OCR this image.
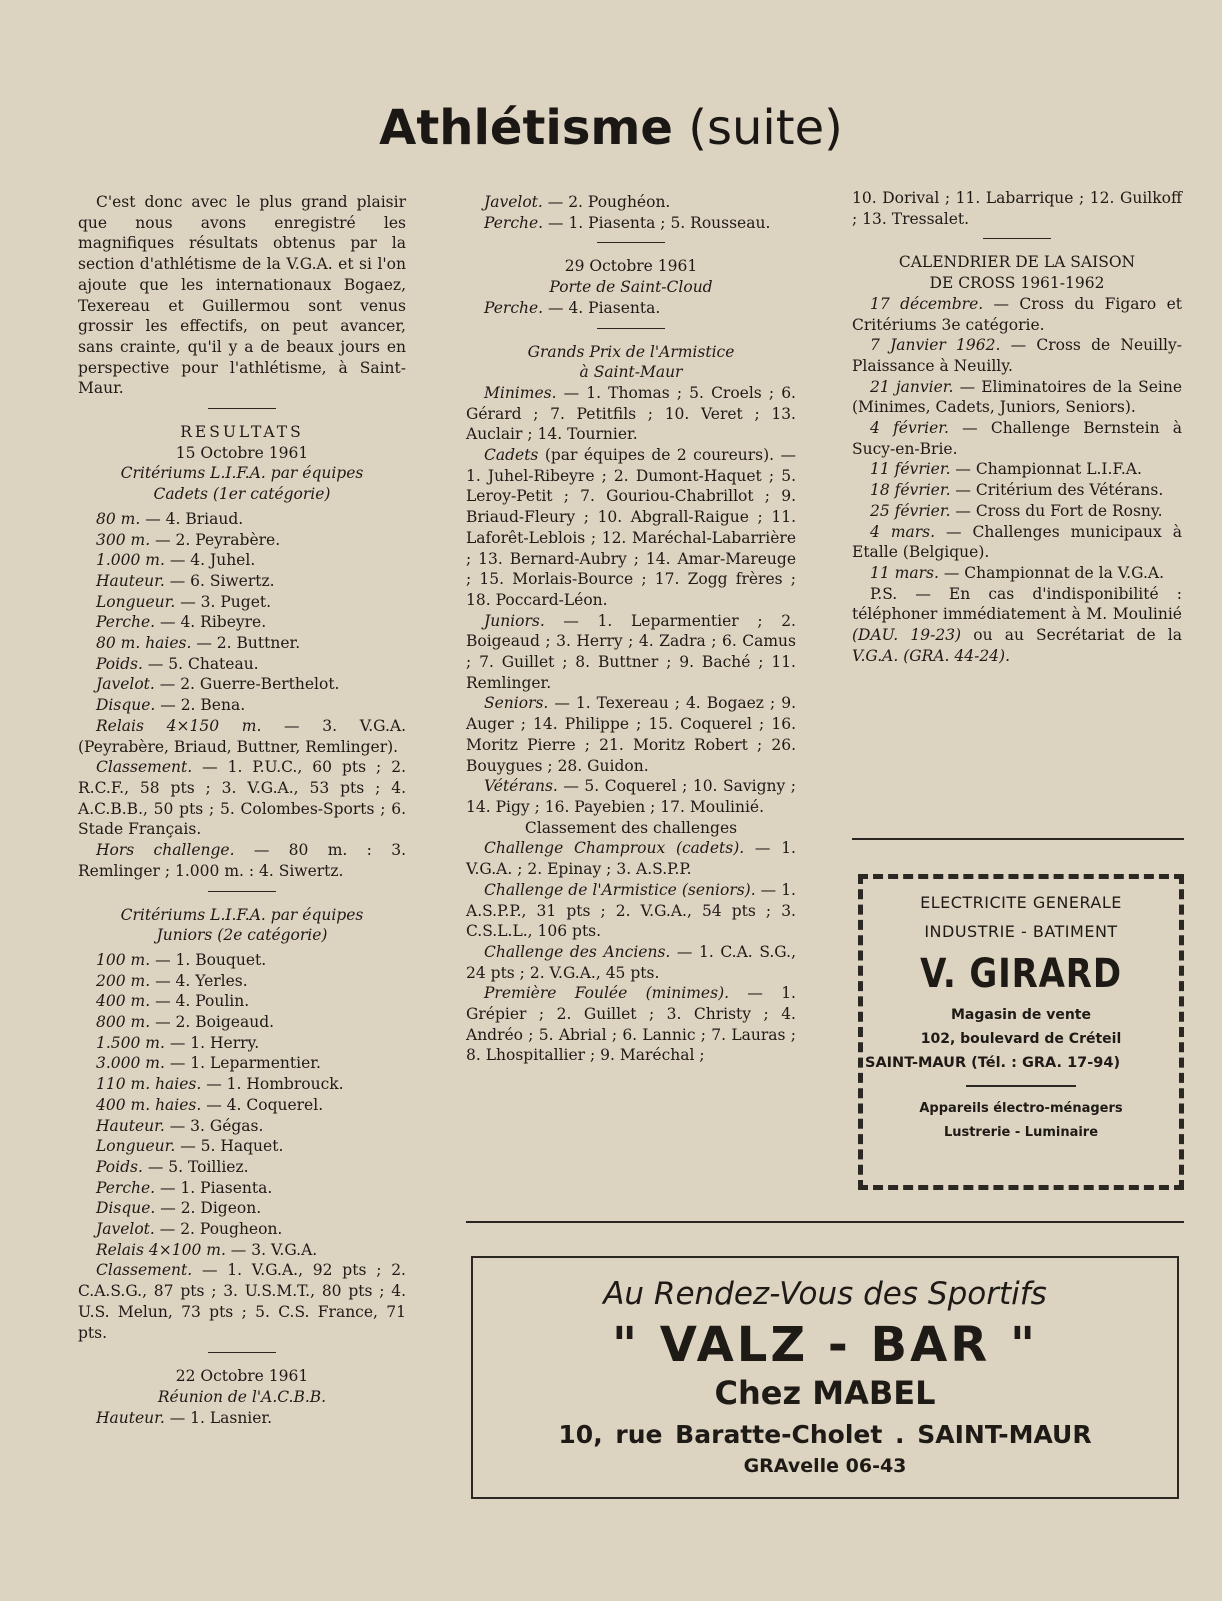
Athlétisme (suite)

C'est donc avec le plus grand plaisir que nous avons enregistré les magnifiques résultats obtenus par la section d'athlétisme de la V.G.A. et si l'on ajoute que les internationaux Bogaez, Texereau et Guillermou sont venus grossir les effectifs, on peut avancer, sans crainte, qu'il y a de beaux jours en perspective pour l'athlétisme, à Saint-Maur.

RESULTATS

15 Octobre 1961

Critériums L.I.F.A. par équipes

Cadets (1er catégorie)

80 m. — 4. Briaud.

300 m. — 2. Peyrabère.

1.000 m. — 4. Juhel.

Hauteur. — 6. Siwertz.

Longueur. — 3. Puget.

Perche. — 4. Ribeyre.

80 m. haies. — 2. Buttner.

Poids. — 5. Chateau.

Javelot. — 2. Guerre-Berthelot.

Disque. — 2. Bena.

Relais 4×150 m. — 3. V.G.A. (Peyrabère, Briaud, Buttner, Remlinger).

Classement. — 1. P.U.C., 60 pts ; 2. R.C.F., 58 pts ; 3. V.G.A., 53 pts ; 4. A.C.B.B., 50 pts ; 5. Colombes-Sports ; 6. Stade Français.

Hors challenge. — 80 m. : 3. Remlinger ; 1.000 m. : 4. Siwertz.

Critériums L.I.F.A. par équipes

Juniors (2e catégorie)

100 m. — 1. Bouquet.

200 m. — 4. Yerles.

400 m. — 4. Poulin.

800 m. — 2. Boigeaud.

1.500 m. — 1. Herry.

3.000 m. — 1. Leparmentier.

110 m. haies. — 1. Hombrouck.

400 m. haies. — 4. Coquerel.

Hauteur. — 3. Gégas.

Longueur. — 5. Haquet.

Poids. — 5. Toilliez.

Perche. — 1. Piasenta.

Disque. — 2. Digeon.

Javelot. — 2. Pougheon.

Relais 4×100 m. — 3. V.G.A.

Classement. — 1. V.G.A., 92 pts ; 2. C.A.S.G., 87 pts ; 3. U.S.M.T., 80 pts ; 4. U.S. Melun, 73 pts ; 5. C.S. France, 71 pts.

22 Octobre 1961

Réunion de l'A.C.B.B.

Hauteur. — 1. Lasnier.

Javelot. — 2. Poughéon.

Perche. — 1. Piasenta ; 5. Rousseau.

29 Octobre 1961

Porte de Saint-Cloud

Perche. — 4. Piasenta.

Grands Prix de l'Armistice

à Saint-Maur

Minimes. — 1. Thomas ; 5. Croels ; 6. Gérard ; 7. Petitfils ; 10. Veret ; 13. Auclair ; 14. Tournier.

Cadets (par équipes de 2 coureurs). — 1. Juhel-Ribeyre ; 2. Dumont-Haquet ; 5. Leroy-Petit ; 7. Gouriou-Chabrillot ; 9. Briaud-Fleury ; 10. Abgrall-Raigue ; 11. Laforêt-Leblois ; 12. Maréchal-Labarrière ; 13. Bernard-Aubry ; 14. Amar-Mareuge ; 15. Morlais-Bource ; 17. Zogg frères ; 18. Poccard-Léon.

Juniors. — 1. Leparmentier ; 2. Boigeaud ; 3. Herry ; 4. Zadra ; 6. Camus ; 7. Guillet ; 8. Buttner ; 9. Baché ; 11. Remlinger.

Seniors. — 1. Texereau ; 4. Bogaez ; 9. Auger ; 14. Philippe ; 15. Coquerel ; 16. Moritz Pierre ; 21. Moritz Robert ; 26. Bouygues ; 28. Guidon.

Vétérans. — 5. Coquerel ; 10. Savigny ; 14. Pigy ; 16. Payebien ; 17. Moulinié.

Classement des challenges

Challenge Champroux (cadets). — 1. V.G.A. ; 2. Epinay ; 3. A.S.P.P.

Challenge de l'Armistice (seniors). — 1. A.S.P.P., 31 pts ; 2. V.G.A., 54 pts ; 3. C.S.L.L., 106 pts.

Challenge des Anciens. — 1. C.A. S.G., 24 pts ; 2. V.G.A., 45 pts.

Première Foulée (minimes). — 1. Grépier ; 2. Guillet ; 3. Christy ; 4. Andréo ; 5. Abrial ; 6. Lannic ; 7. Lauras ; 8. Lhospitallier ; 9. Maréchal ;

10. Dorival ; 11. Labarrique ; 12. Guilkoff ; 13. Tressalet.

CALENDRIER DE LA SAISON

DE CROSS 1961-1962

17 décembre. — Cross du Figaro et Critériums 3e catégorie.

7 Janvier 1962. — Cross de Neuilly-Plaissance à Neuilly.

21 janvier. — Eliminatoires de la Seine (Minimes, Cadets, Juniors, Seniors).

4 février. — Challenge Bernstein à Sucy-en-Brie.

11 février. — Championnat L.I.F.A.

18 février. — Critérium des Vétérans.

25 février. — Cross du Fort de Rosny.

4 mars. — Challenges municipaux à Etalle (Belgique).

11 mars. — Championnat de la V.G.A.

P.S. — En cas d'indisponibilité : téléphoner immédiatement à M. Moulinié (DAU. 19-23) ou au Secrétariat de la V.G.A. (GRA. 44-24).

ELECTRICITE GENERALE
INDUSTRIE - BATIMENT
V. GIRARD
Magasin de vente
102, boulevard de Créteil
SAINT-MAUR (Tél. : GRA. 17-94)
Appareils électro-ménagers
Lustrerie - Luminaire
Au Rendez-Vous des Sportifs
" VALZ - BAR "
Chez MABEL
10, rue Baratte-Cholet . SAINT-MAUR
GRAvelle 06-43
